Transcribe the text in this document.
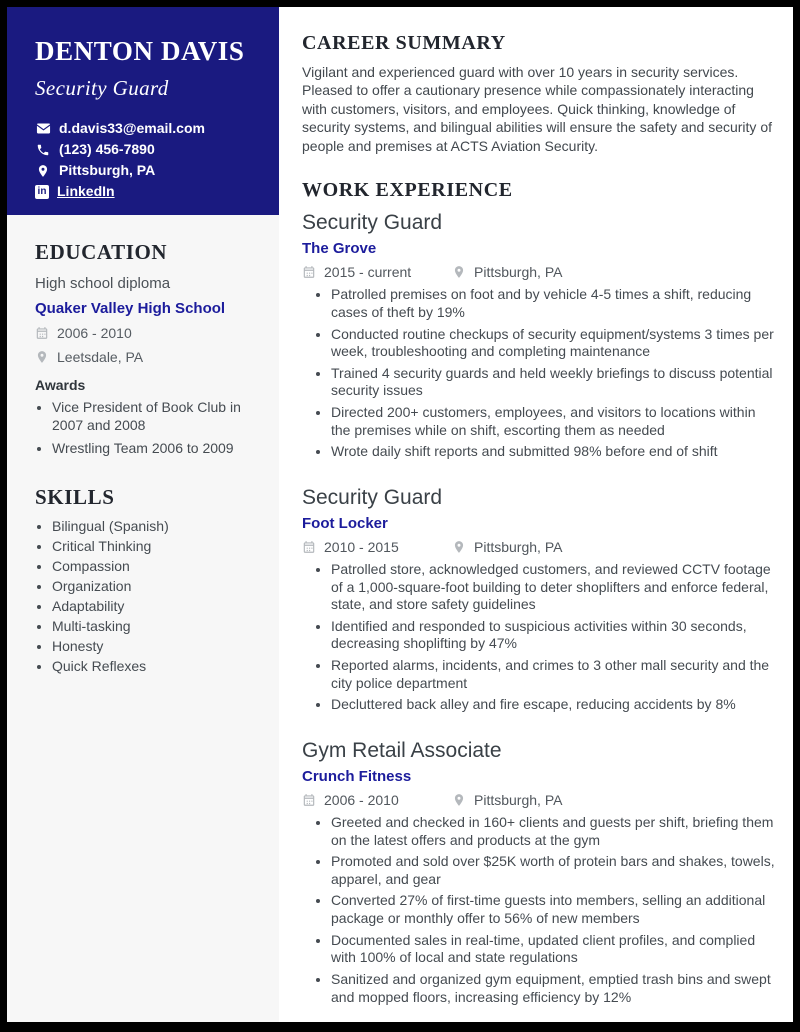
DENTON DAVIS
Security Guard
d.davis33@email.com
(123) 456-7890
Pittsburgh, PA
in LinkedIn
EDUCATION
High school diploma
Quaker Valley High School
2006 - 2010
Leetsdale, PA
Awards
• Vice President of Book Club in 2007 and 2008
• Wrestling Team 2006 to 2009
SKILLS
• Bilingual (Spanish)
• Critical Thinking
• Compassion
• Organization
• Adaptability
• Multi-tasking
• Honesty
• Quick Reflexes
CAREER SUMMARY

Vigilant and experienced guard with over 10 years in security services. Pleased to offer a cautionary presence while compassionately interacting with customers, visitors, and employees. Quick thinking, knowledge of security systems, and bilingual abilities will ensure the safety and security of people and premises at ACTS Aviation Security.

WORK EXPERIENCE
Security Guard
The Grove
2015 - current	Pittsburgh, PA
• Patrolled premises on foot and by vehicle 4-5 times a shift, reducing cases of theft by 19%
• Conducted routine checkups of security equipment/systems 3 times per week, troubleshooting and completing maintenance
• Trained 4 security guards and held weekly briefings to discuss potential security issues
• Directed 200+ customers, employees, and visitors to locations within the premises while on shift, escorting them as needed
• Wrote daily shift reports and submitted 98% before end of shift
Security Guard
Foot Locker
2010 - 2015	Pittsburgh, PA
• Patrolled store, acknowledged customers, and reviewed CCTV footage of a 1,000-square-foot building to deter shoplifters and enforce federal, state, and store safety guidelines
• Identified and responded to suspicious activities within 30 seconds, decreasing shoplifting by 47%
• Reported alarms, incidents, and crimes to 3 other mall security and the city police department
• Decluttered back alley and fire escape, reducing accidents by 8%
Gym Retail Associate
Crunch Fitness
2006 - 2010	Pittsburgh, PA
• Greeted and checked in 160+ clients and guests per shift, briefing them on the latest offers and products at the gym
• Promoted and sold over $25K worth of protein bars and shakes, towels, apparel, and gear
• Converted 27% of first-time guests into members, selling an additional package or monthly offer to 56% of new members
• Documented sales in real-time, updated client profiles, and complied with 100% of local and state regulations
• Sanitized and organized gym equipment, emptied trash bins and swept and mopped floors, increasing efficiency by 12%
